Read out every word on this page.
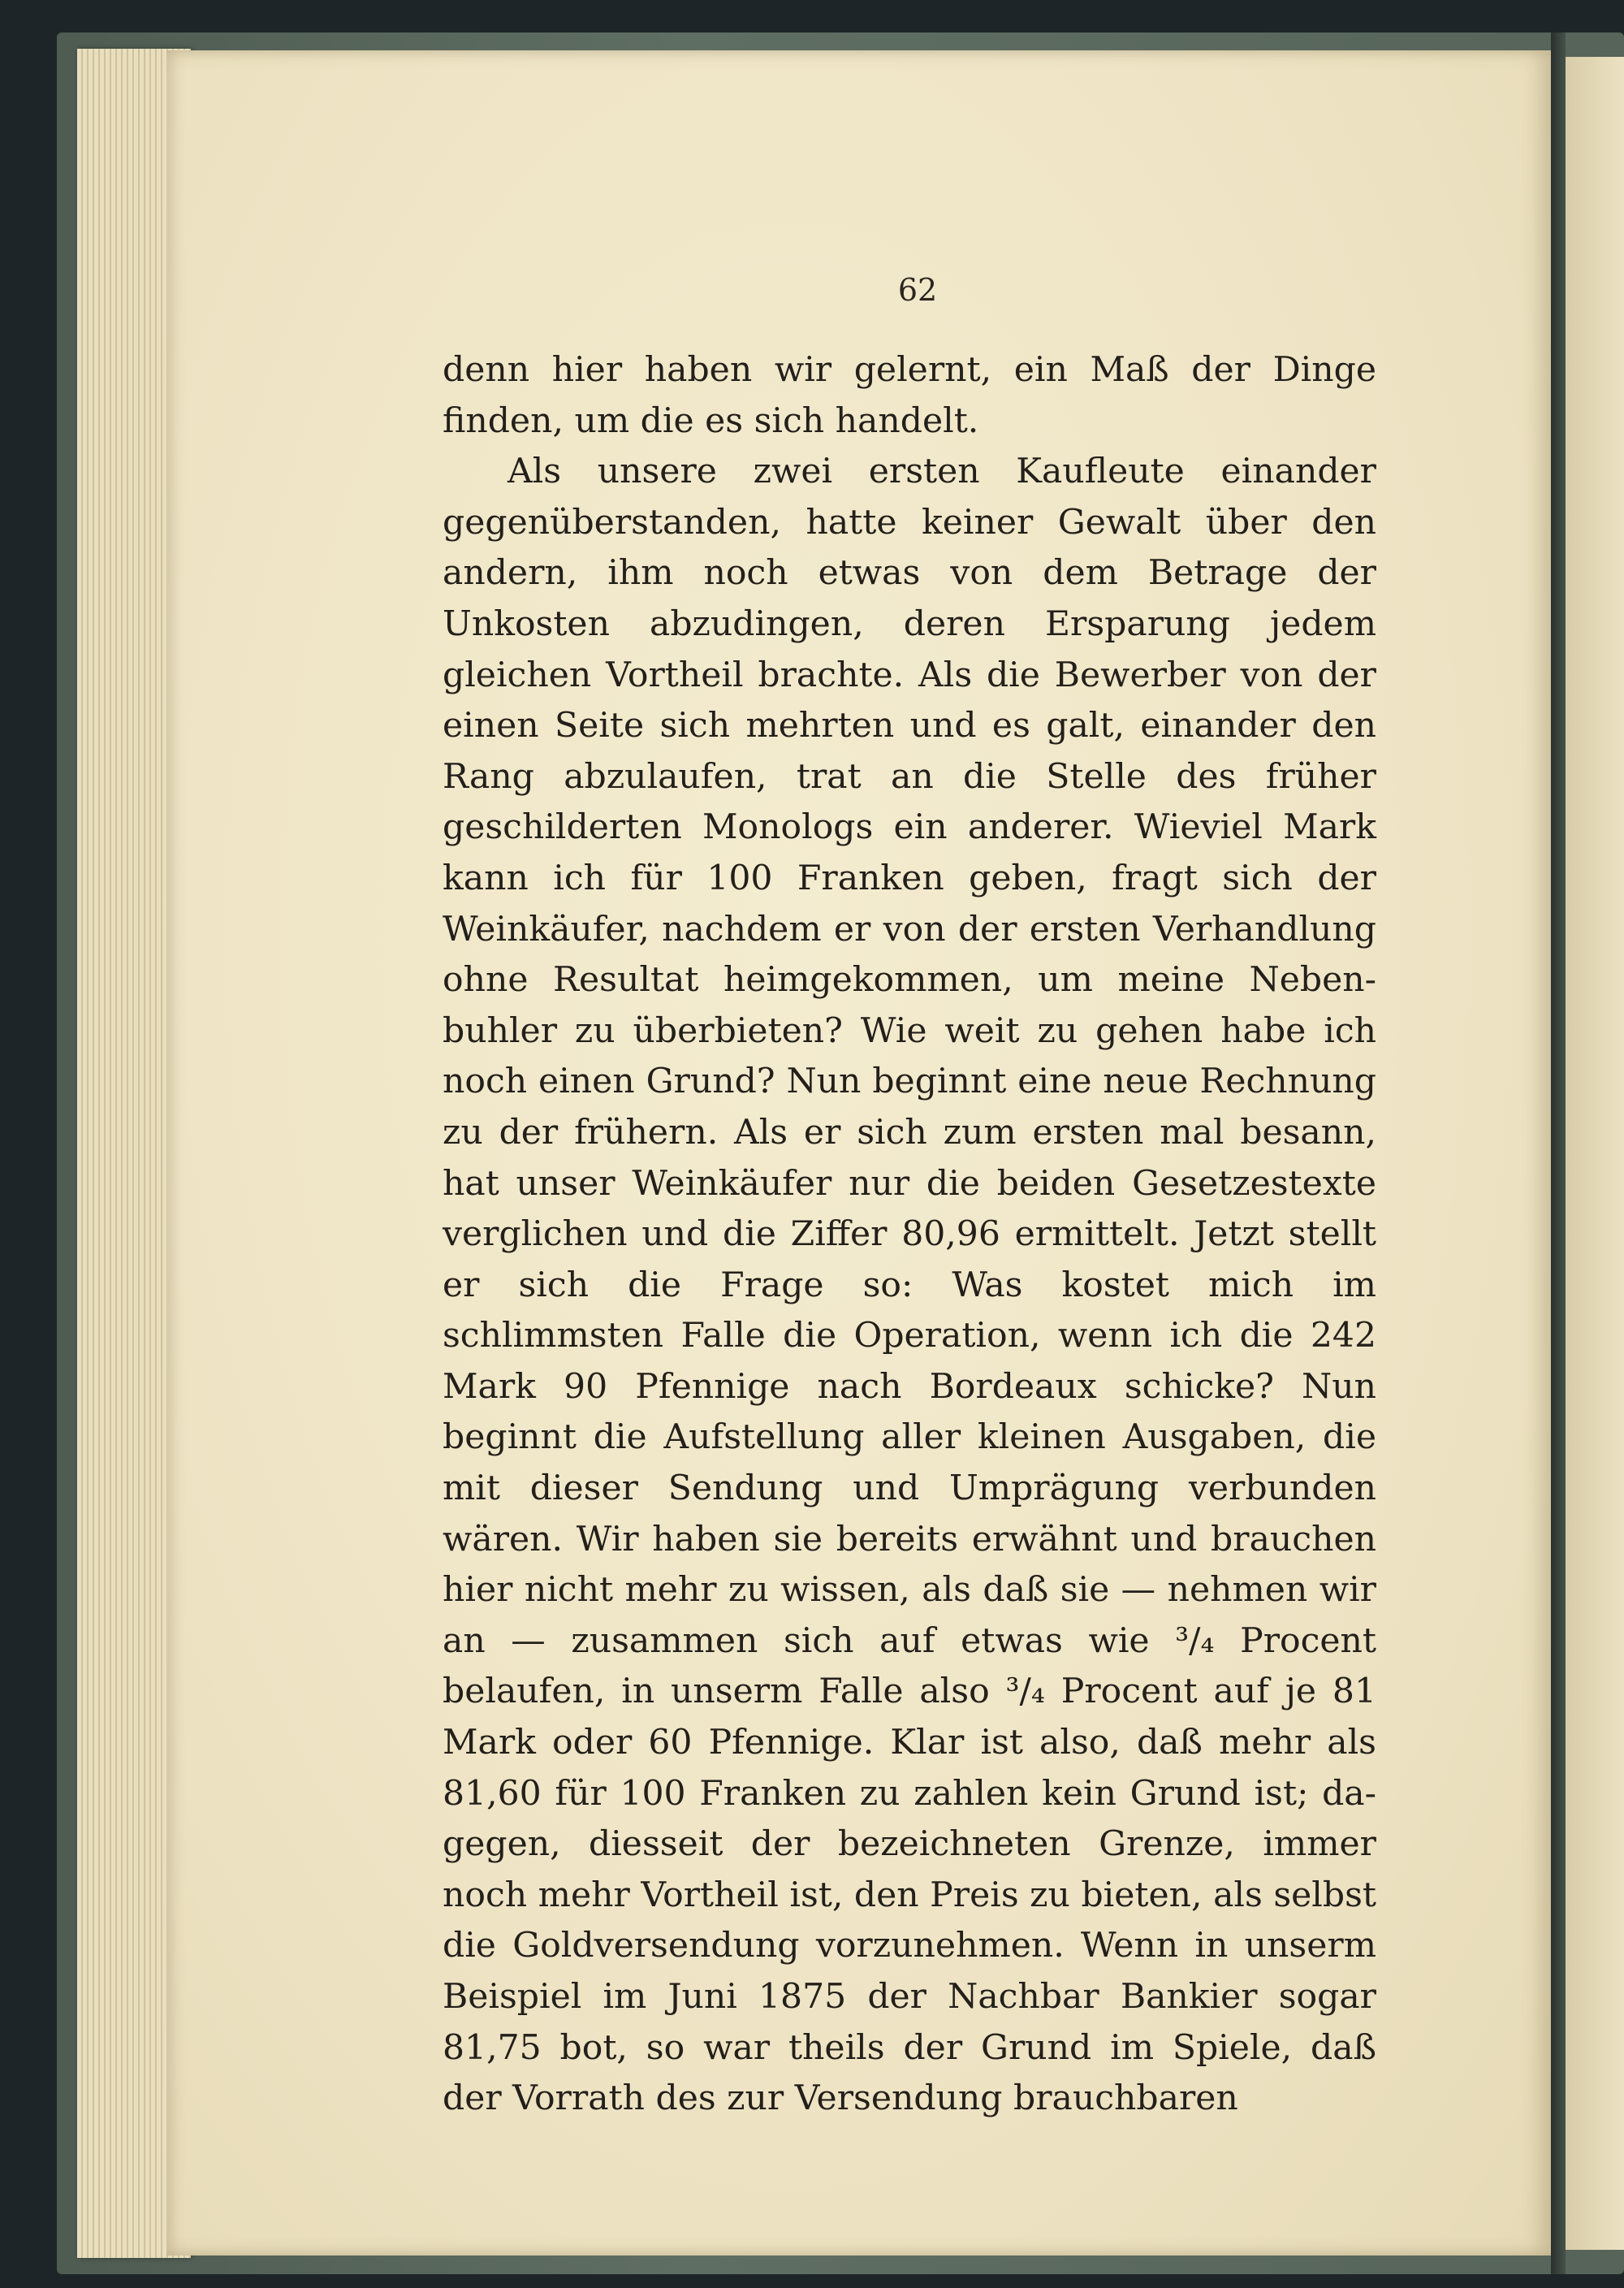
62

denn hier haben wir gelernt, ein Maß der Dinge finden, um die es sich handelt.

Als unsere zwei ersten Kaufleute einander gegenüberstanden, hatte keiner Gewalt über den andern, ihm noch etwas von dem Betrage der Unkosten abzudingen, deren Ersparung jedem gleichen Vortheil brachte. Als die Bewerber von der einen Seite sich mehrten und es galt, einander den Rang abzulaufen, trat an die Stelle des früher geschilderten Monologs ein anderer. Wieviel Mark kann ich für 100 Franken geben, fragt sich der Weinkäufer, nachdem er von der ersten Verhandlung ohne Resultat heimgekommen, um meine Nebenbuhler zu überbieten? Wie weit zu gehen habe ich noch einen Grund? Nun beginnt eine neue Rechnung zu der frühern. Als er sich zum ersten mal besann, hat unser Weinkäufer nur die beiden Gesetzestexte verglichen und die Ziffer 80,96 ermittelt. Jetzt stellt er sich die Frage so: Was kostet mich im schlimmsten Falle die Operation, wenn ich die 242 Mark 90 Pfennige nach Bordeaux schicke? Nun beginnt die Aufstellung aller kleinen Ausgaben, die mit dieser Sendung und Umprägung verbunden wären. Wir haben sie bereits erwähnt und brauchen hier nicht mehr zu wissen, als daß sie — nehmen wir an — zusammen sich auf etwas wie ³/₄ Procent belaufen, in unserm Falle also ³/₄ Procent auf je 81 Mark oder 60 Pfennige. Klar ist also, daß mehr als 81,60 für 100 Franken zu zahlen kein Grund ist; dagegen, diesseit der bezeichneten Grenze, immer noch mehr Vortheil ist, den Preis zu bieten, als selbst die Goldversendung vorzunehmen. Wenn in unserm Beispiel im Juni 1875 der Nachbar Bankier sogar 81,75 bot, so war theils der Grund im Spiele, daß der Vorrath des zur Versendung brauchbaren
